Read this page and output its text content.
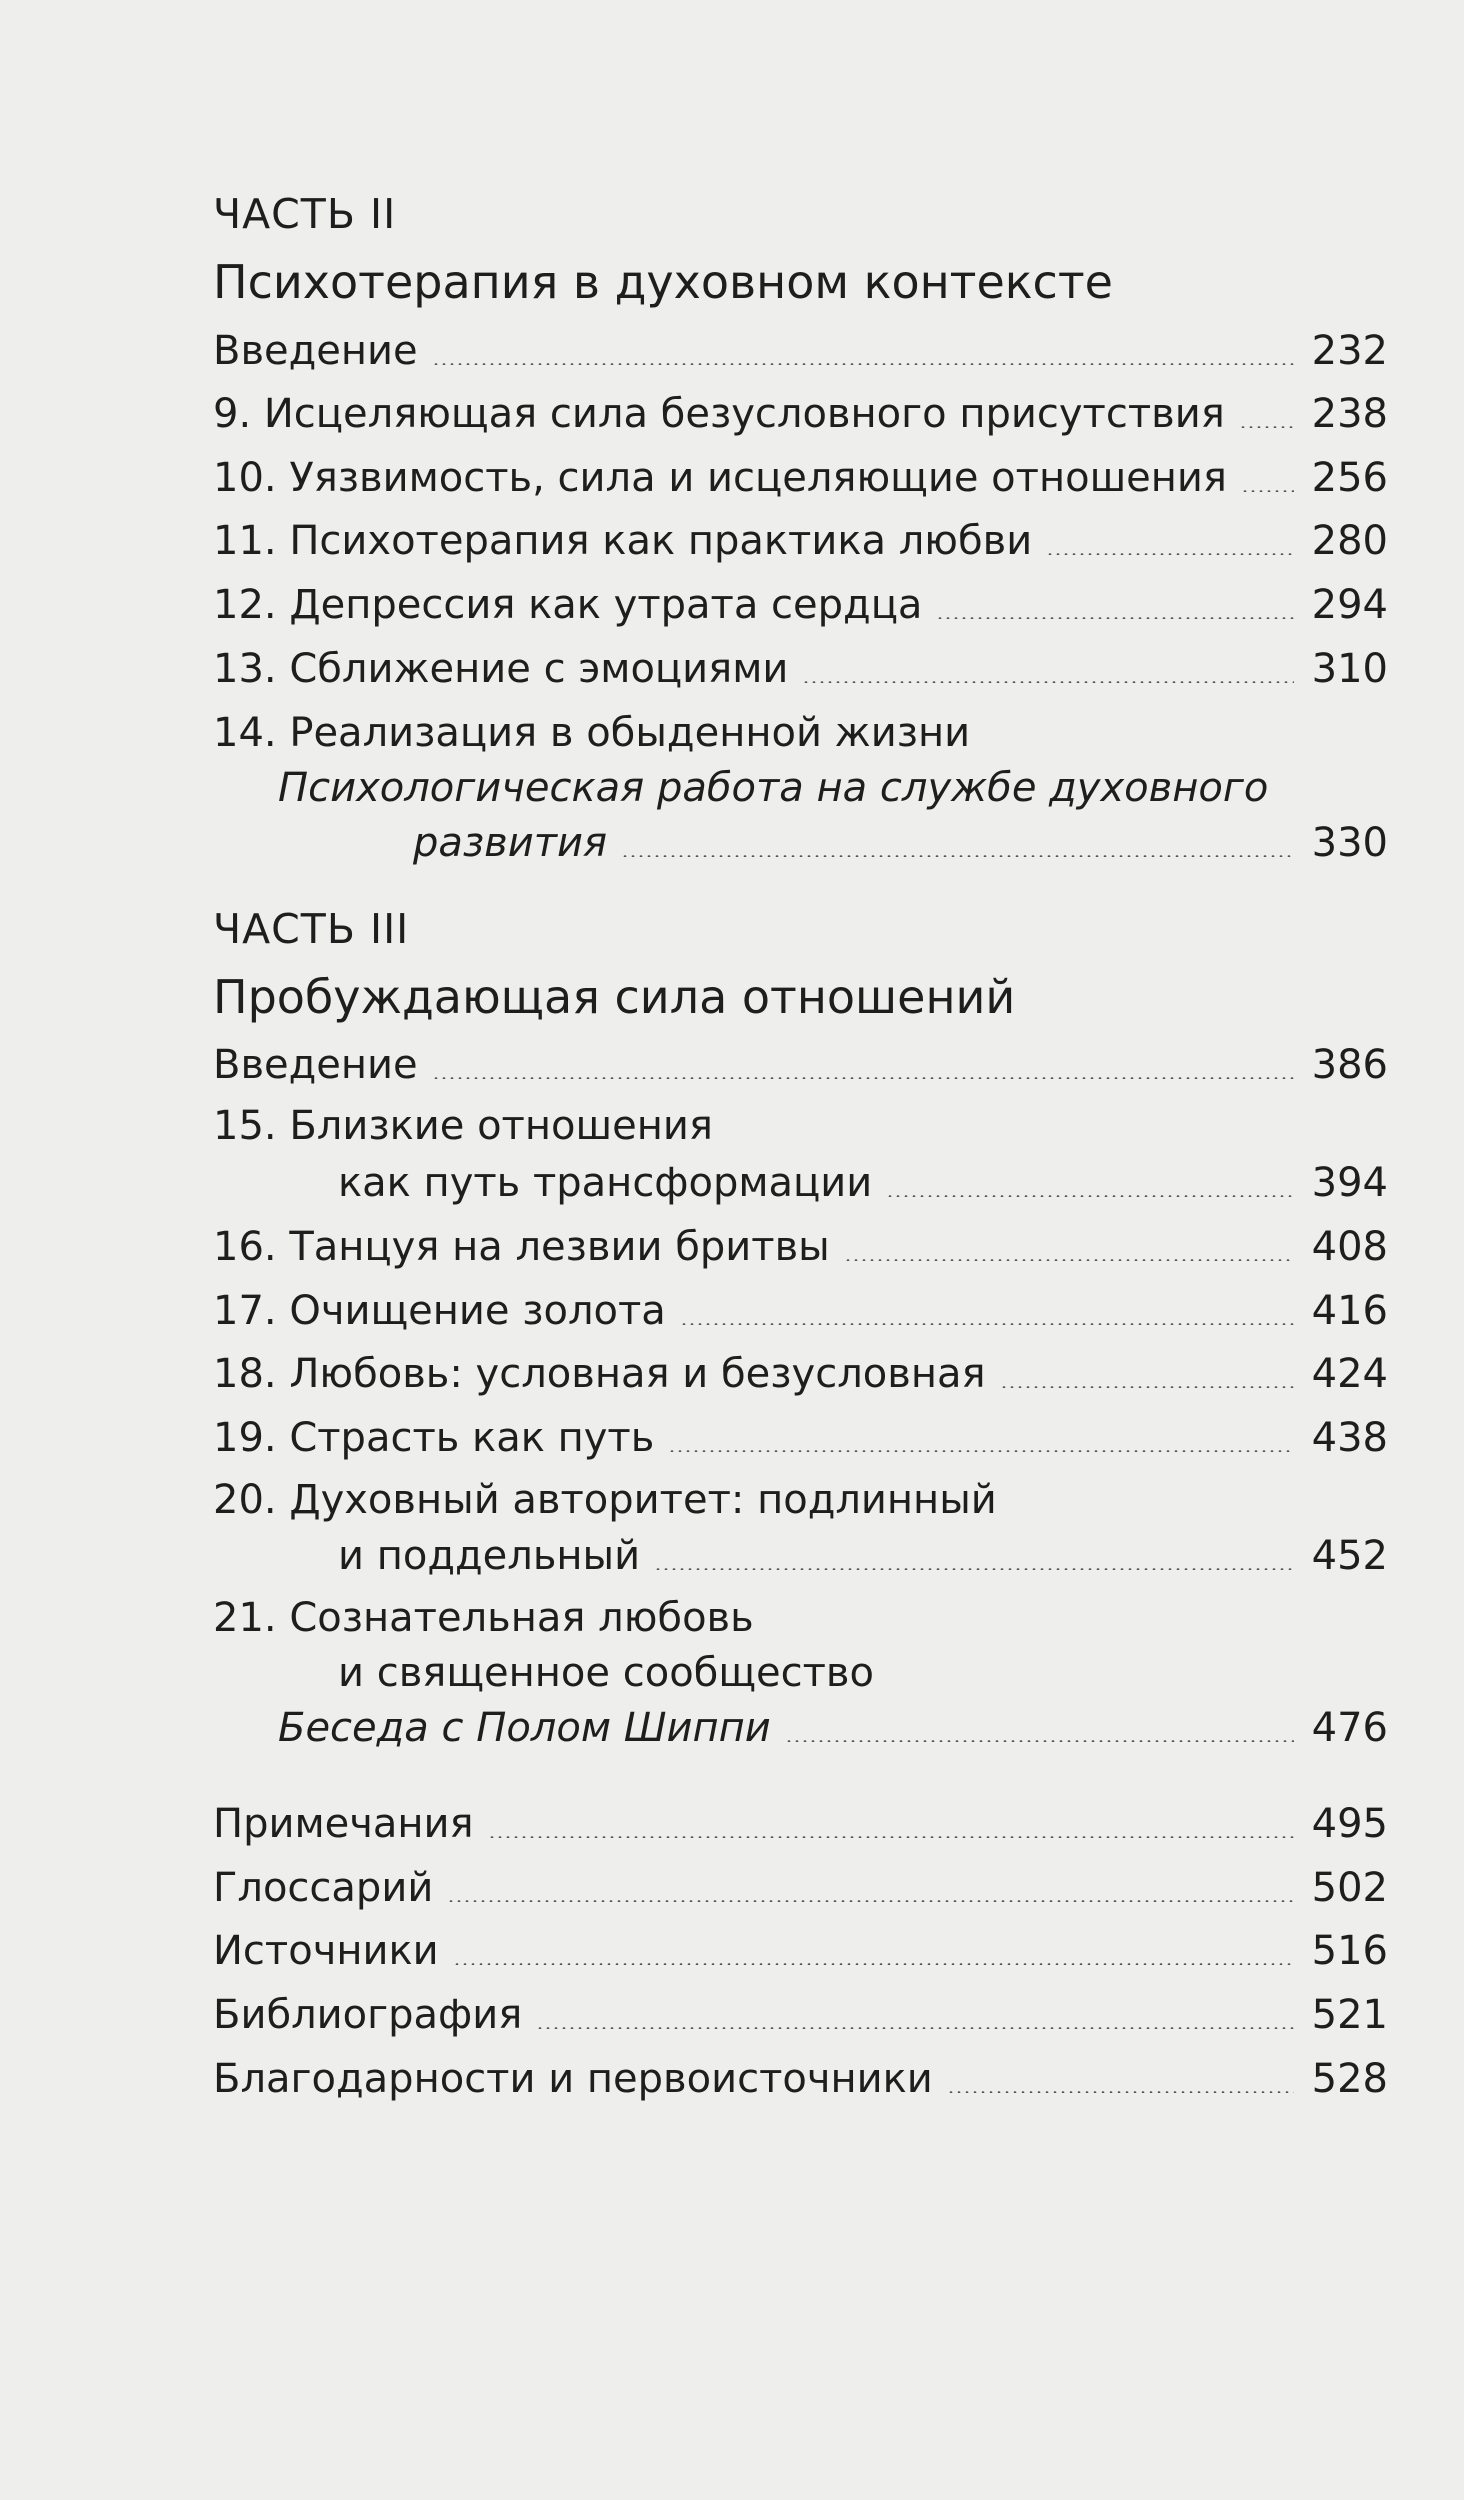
ЧАСТЬ II
Психотерапия в духовном контексте
Введение	232
9. Исцеляющая сила безусловного присутствия 238
10. Уязвимость, сила и исцеляющие отношения 256
11. Психотерапия как практика любви	280
12. Депрессия как утрата сердца	294
13. Сближение с эмоциями	310
14. Реализация в обыденной жизни
Психологическая работа на службе духовного
развития	330
ЧАСТЬ III
Пробуждающая сила отношений
Введение	386
15. Близкие отношения
как путь трансформации	394
16. Танцуя на лезвии бритвы	408
17. Очищение золота	416
18. Любовь: условная и безусловная	424
19. Страсть как путь	438
20. Духовный авторитет: подлинный
и поддельный	452
21. Сознательная любовь
и священное сообщество
Беседа с Полом Шиппи	476
Примечания	495
Глоссарий	502
Источники	516
Библиография	521
Благодарности и первоисточники	528
